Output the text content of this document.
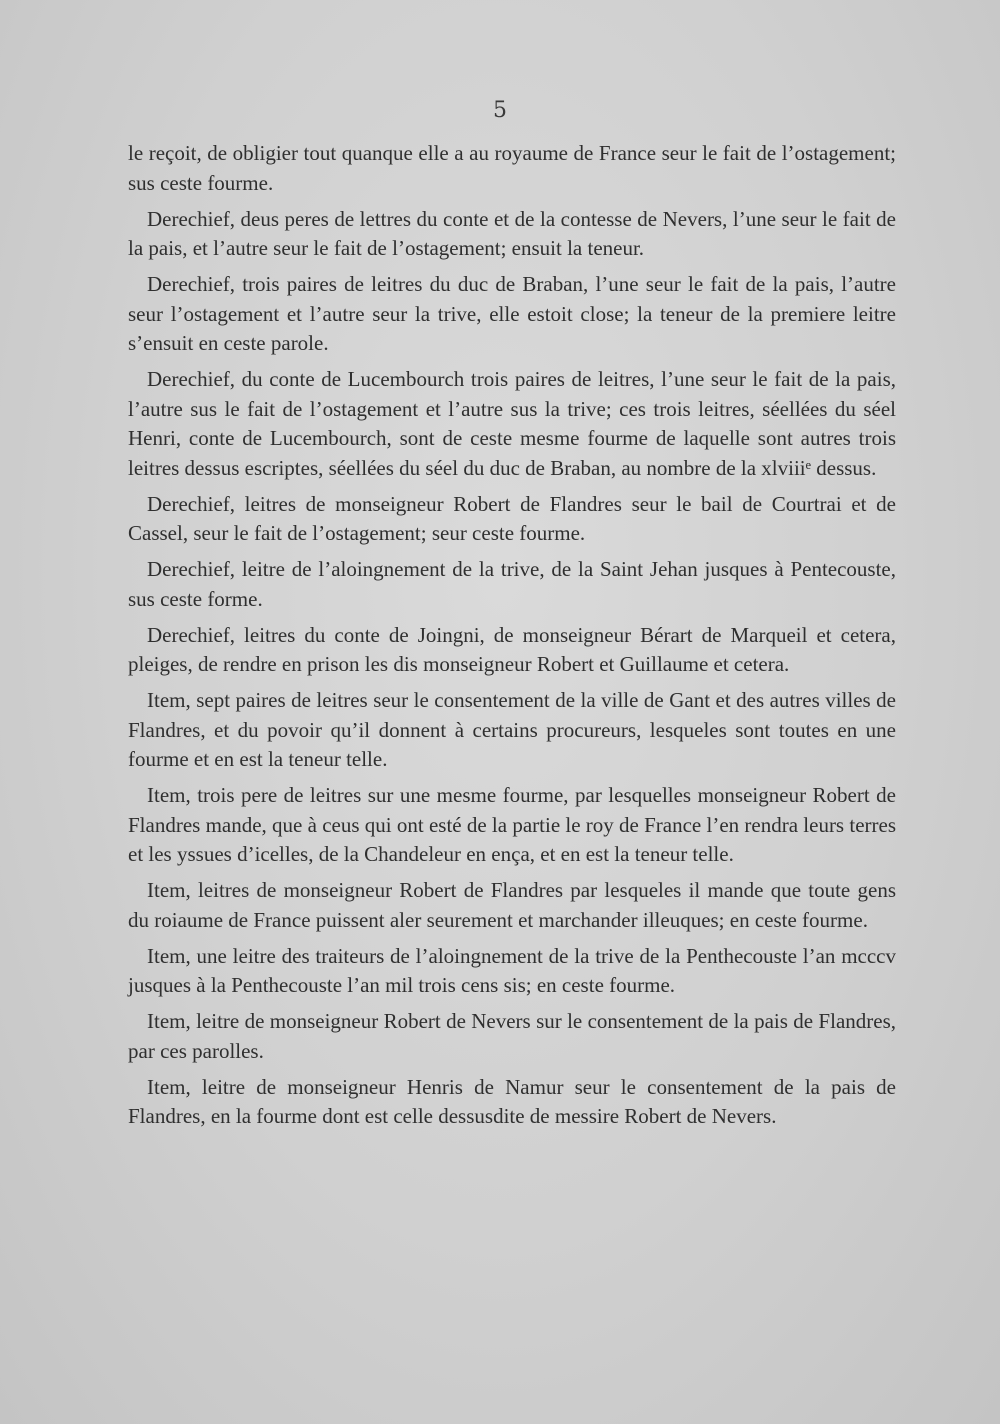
5

le reçoit, de obligier tout quanque elle a au royaume de France seur le fait de l’ostagement; sus ceste fourme.

Derechief, deus peres de lettres du conte et de la contesse de Nevers, l’une seur le fait de la pais, et l’autre seur le fait de l’ostagement; ensuit la teneur.

Derechief, trois paires de leitres du duc de Braban, l’une seur le fait de la pais, l’autre seur l’ostagement et l’autre seur la trive, elle estoit close; la teneur de la premiere leitre s’ensuit en ceste parole.

Derechief, du conte de Lucembourch trois paires de leitres, l’une seur le fait de la pais, l’autre sus le fait de l’ostagement et l’autre sus la trive; ces trois leitres, séellées du séel Henri, conte de Lucembourch, sont de ceste mesme fourme de laquelle sont autres trois leitres dessus escriptes, séellées du séel du duc de Braban, au nombre de la xlviiiᵉ dessus.

Derechief, leitres de monseigneur Robert de Flandres seur le bail de Courtrai et de Cassel, seur le fait de l’ostagement; seur ceste fourme.

Derechief, leitre de l’aloingnement de la trive, de la Saint Jehan jusques à Pentecouste, sus ceste forme.

Derechief, leitres du conte de Joingni, de monseigneur Bérart de Marqueil et cetera, pleiges, de rendre en prison les dis monseigneur Robert et Guillaume et cetera.

Item, sept paires de leitres seur le consentement de la ville de Gant et des autres villes de Flandres, et du povoir qu’il donnent à certains procureurs, lesqueles sont toutes en une fourme et en est la teneur telle.

Item, trois pere de leitres sur une mesme fourme, par lesquelles monseigneur Robert de Flandres mande, que à ceus qui ont esté de la partie le roy de France l’en rendra leurs terres et les yssues d’icelles, de la Chandeleur en ença, et en est la teneur telle.

Item, leitres de monseigneur Robert de Flandres par lesqueles il mande que toute gens du roiaume de France puissent aler seurement et marchander illeuques; en ceste fourme.

Item, une leitre des traiteurs de l’aloingnement de la trive de la Penthecouste l’an mcccv jusques à la Penthecouste l’an mil trois cens sis; en ceste fourme.

Item, leitre de monseigneur Robert de Nevers sur le consentement de la pais de Flandres, par ces parolles.

Item, leitre de monseigneur Henris de Namur seur le consentement de la pais de Flandres, en la fourme dont est celle dessusdite de messire Robert de Nevers.
